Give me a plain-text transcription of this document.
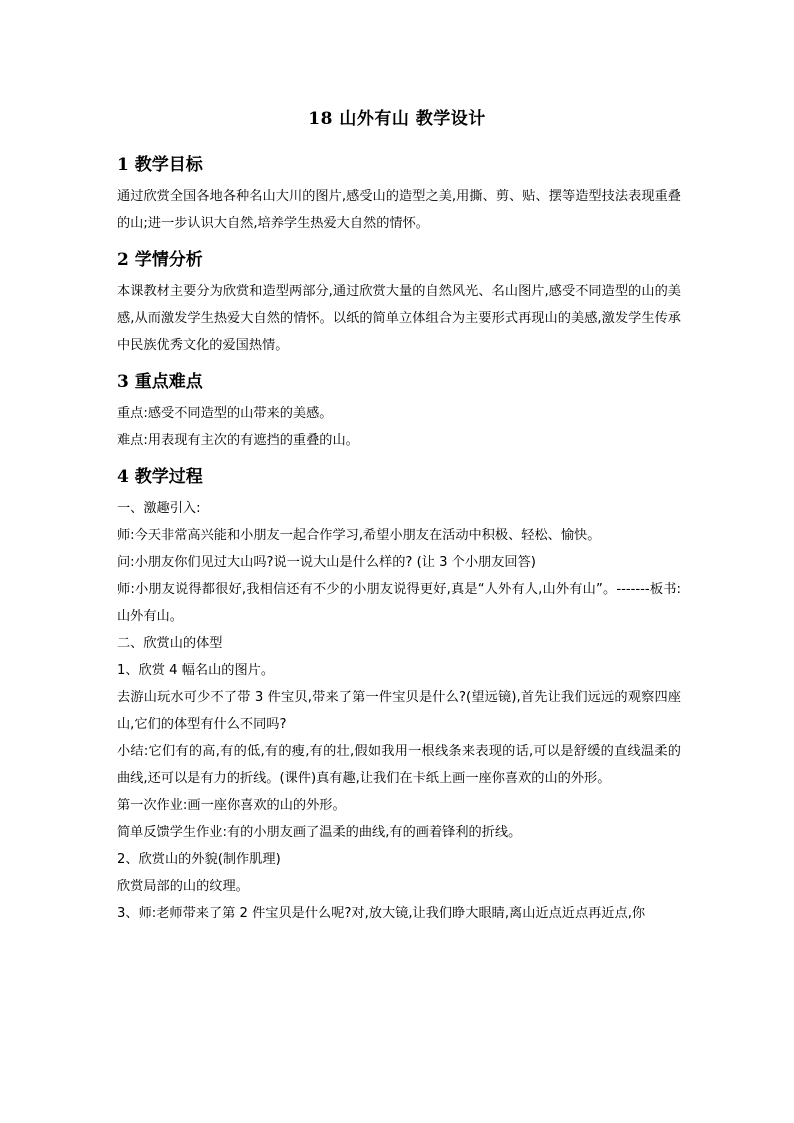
18 山外有山 教学设计
1 教学目标

通过欣赏全国各地各种名山大川的图片,感受山的造型之美,用撕、剪、贴、摆等造型技法表现重叠的山;进一步认识大自然,培养学生热爱大自然的情怀。

2 学情分析

本课教材主要分为欣赏和造型两部分,通过欣赏大量的自然风光、名山图片,感受不同造型的山的美感,从而激发学生热爱大自然的情怀。以纸的简单立体组合为主要形式再现山的美感,激发学生传承中民族优秀文化的爱国热情。

3 重点难点

重点:感受不同造型的山带来的美感。

难点:用表现有主次的有遮挡的重叠的山。

4 教学过程

一、激趣引入:

师:今天非常高兴能和小朋友一起合作学习,希望小朋友在活动中积极、轻松、愉快。

问:小朋友你们见过大山吗?说一说大山是什么样的? (让 3 个小朋友回答)

师:小朋友说得都很好,我相信还有不少的小朋友说得更好,真是“人外有人,山外有山”。-------板书:山外有山。

二、欣赏山的体型

1、欣赏 4 幅名山的图片。

去游山玩水可少不了带 3 件宝贝,带来了第一件宝贝是什么?(望远镜),首先让我们远远的观察四座山,它们的体型有什么不同吗?

小结:它们有的高,有的低,有的瘦,有的壮,假如我用一根线条来表现的话,可以是舒缓的直线温柔的曲线,还可以是有力的折线。(课件)真有趣,让我们在卡纸上画一座你喜欢的山的外形。

第一次作业:画一座你喜欢的山的外形。

简单反馈学生作业:有的小朋友画了温柔的曲线,有的画着锋利的折线。

2、欣赏山的外貌(制作肌理)

欣赏局部的山的纹理。

3、师:老师带来了第 2 件宝贝是什么呢?对,放大镜,让我们睁大眼睛,离山近点近点再近点,你
